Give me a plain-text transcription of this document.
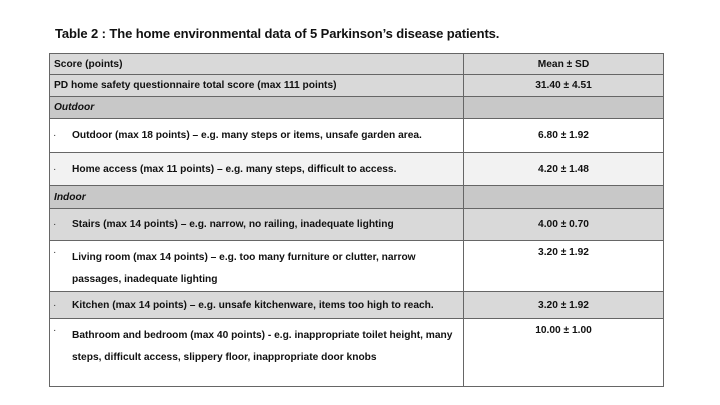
Table 2 : The home environmental data of 5 Parkinson’s disease patients.
Score (points)	Mean ± SD
PD home safety questionnaire total score (max 111 points)	31.40 ± 4.51
Outdoor	
· Outdoor (max 18 points) – e.g. many steps or items, unsafe garden area.	6.80 ± 1.92
· Home access (max 11 points) – e.g. many steps, difficult to access.	4.20 ± 1.48
Indoor	
· Stairs (max 14 points) – e.g. narrow, no railing, inadequate lighting	4.00 ± 0.70

· Living room (max 14 points) – e.g. too many furniture or clutter, narrow passages, inadequate lighting	3.20 ± 1.92
· Kitchen (max 14 points) – e.g. unsafe kitchenware, items too high to reach.	3.20 ± 1.92

· Bathroom and bedroom (max 40 points) - e.g. inappropriate toilet height, many steps, difficult access, slippery floor, inappropriate door knobs	10.00 ± 1.00
